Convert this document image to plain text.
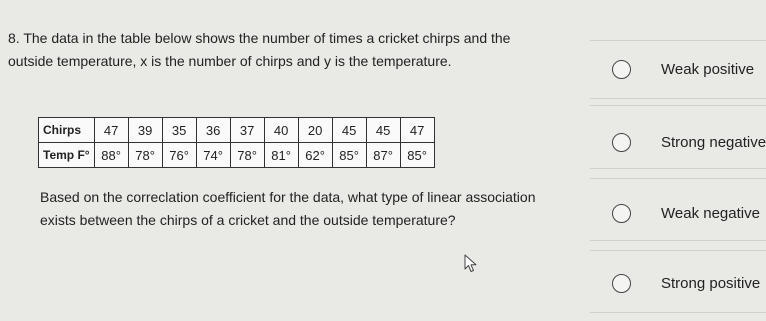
8. The data in the table below shows the number of times a cricket chirps and the outside temperature, x is the number of chirps and y is the temperature.
Chirps	47	39	35	36	37	40	20	45	45	47
Temp F°	88°	78°	76°	74°	78°	81°	62°	85°	87°	85°
Based on the correclation coefficient for the data, what type of linear association exists between the chirps of a cricket and the outside temperature?
Weak positive
Strong negative
Weak negative
Strong positive
